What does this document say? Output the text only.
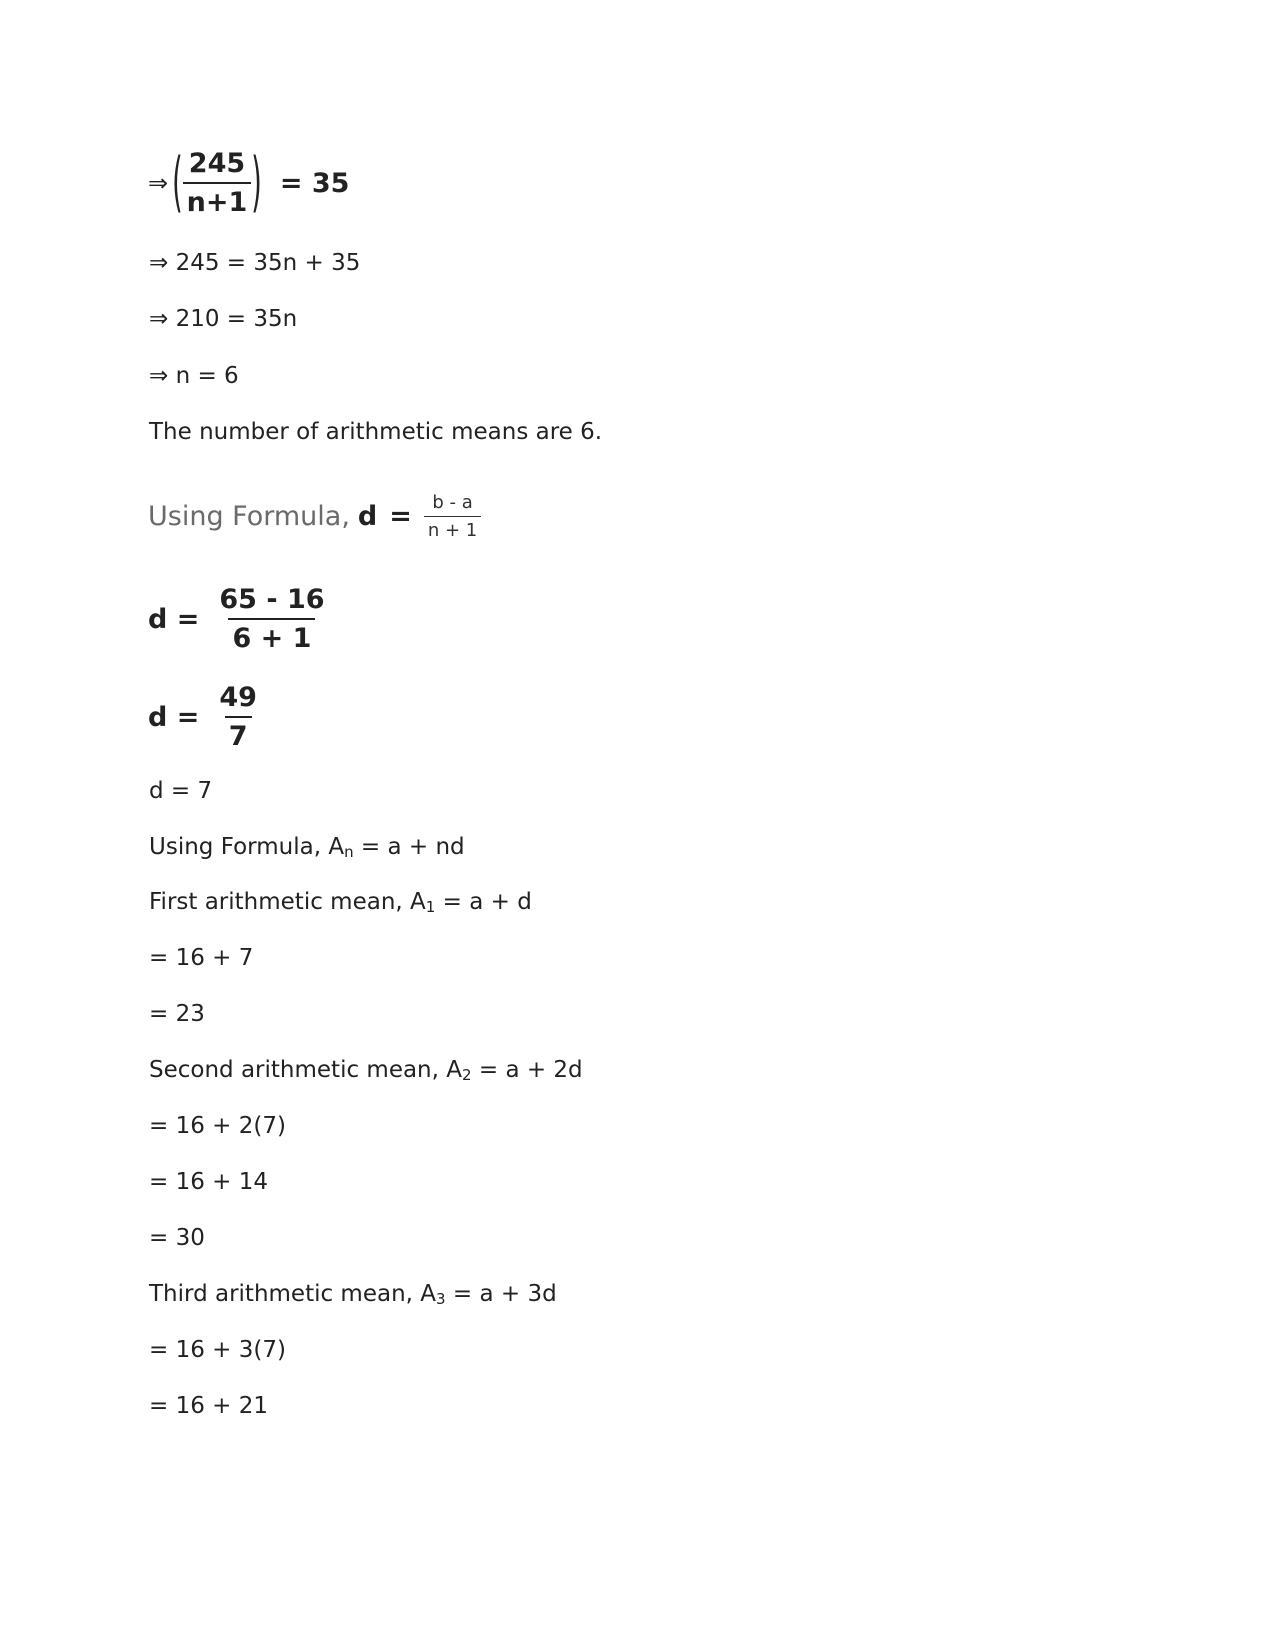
⇒ ( $\frac{245}{n+1}$ ) = 35
⇒ 245 = 35n + 35
⇒ 210 = 35n
⇒ n = 6
The number of arithmetic means are 6.
Using Formula, $d = \frac{b - a}{n + 1}$
$d = \frac{65 - 16}{6 + 1}$
$d = \frac{49}{7}$
d = 7
Using Formula, $A_n = a$ + nd
First arithmetic mean, $A_1 = a + d$
= 16 + 7
= 23
Second arithmetic mean, $A_2 = a + 2d$
= 16 + 2(7)
= 16 + 14
= 30
Third arithmetic mean, $A_3 = a + 3d$
= 16 + 3(7)
= 16 + 21
